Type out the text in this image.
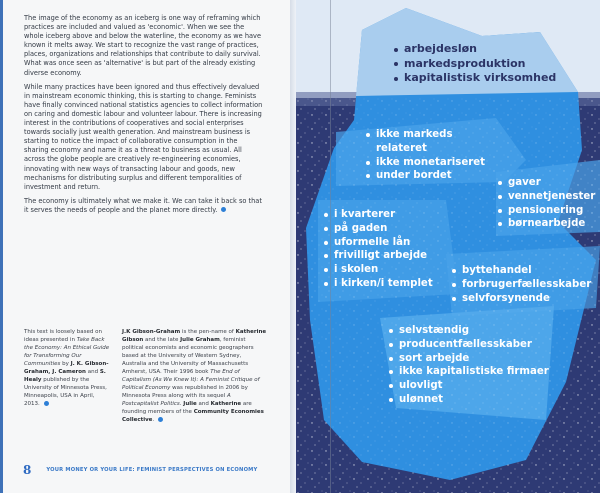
The image of the economy as an iceberg is one way of reframing which practices are included and valued as 'economic'. When we see the whole iceberg above and below the waterline, the economy as we have known it melts away. We start to recognize the vast range of practices, places, organizations and relationships that contribute to daily survival. What was once seen as 'alternative' is but part of the already existing diverse economy.

While many practices have been ignored and thus effectively devalued in mainstream economic thinking, this is starting to change. Feminists have finally convinced national statistics agencies to collect information on caring and domestic labour and volunteer labour. There is increasing interest in the contributions of cooperatives and social enterprises towards socially just wealth generation. And mainstream business is starting to notice the impact of collaborative consumption in the sharing economy and name it as a threat to business as usual. All across the globe people are creatively re-engineering economies, innovating with new ways of transacting labour and goods, new mechanisms for distributing surplus and different temporalities of investment and return.

The economy is ultimately what we make it. We can take it back so that it serves the needs of people and the planet more directly.

This text is loosely based on ideas presented in Take Back the Economy: An Ethical Guide for Transforming Our Communities by J. K. Gibson-Graham, J. Cameron and S. Healy published by the University of Minnesota Press, Minneapolis, USA in April, 2013.
J.K Gibson-Graham is the pen-name of Katherine Gibson and the late Julie Graham, feminist political economists and economic geographers based at the University of Western Sydney, Australia and the University of Massachusetts Amherst, USA. Their 1996 book The End of Capitalism (As We Knew It): A Feminist Critique of Political Economy was republished in 2006 by Minnesota Press along with its sequel A Postcapitalist Politics. Julie and Katherine are founding members of the Community Economies Collective.
8	YOUR MONEY OR YOUR LIFE: FEMINIST PERSPECTIVES ON ECONOMY
arbejdesløn
markedsproduktion
kapitalistisk virksomhed
ikke markeds relateret
ikke monetariseret
under bordet
gaver
vennetjenester
pensionering
børnearbejde
i kvarterer
på gaden
uformelle lån
frivilligt arbejde
i skolen
i kirken/i templet
byttehandel
forbrugerfællesskaber
selvforsynende
selvstændig
producentfællesskaber
sort arbejde
ikke kapitalistiske firmaer
ulovligt
ulønnet
